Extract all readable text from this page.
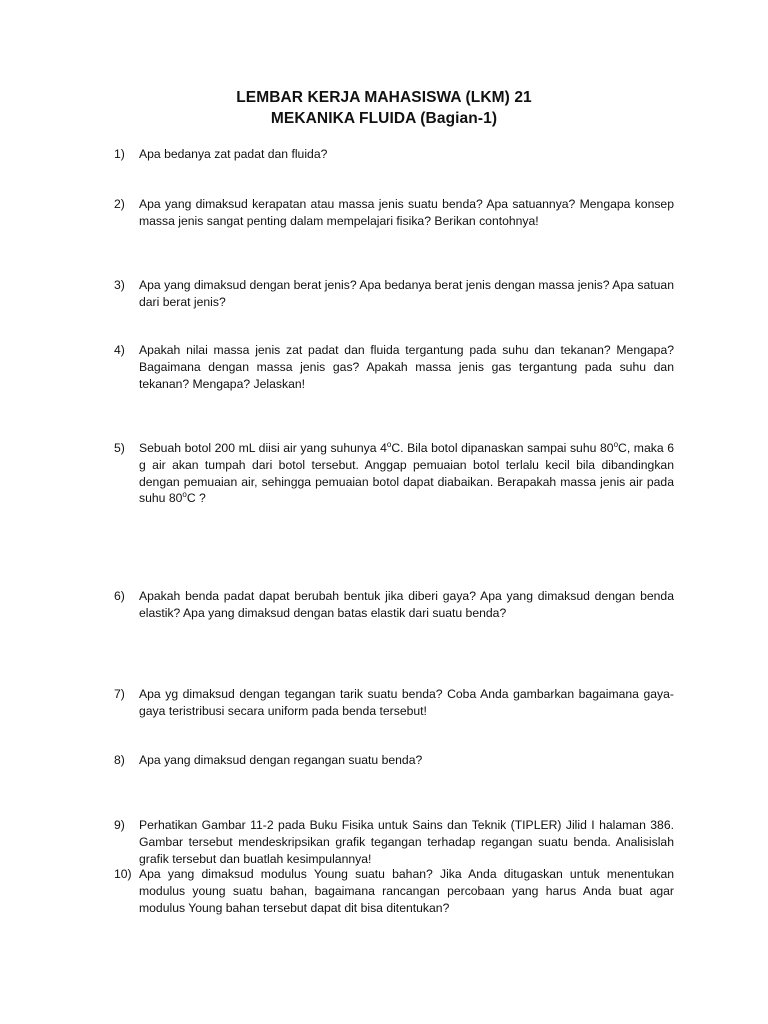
LEMBAR KERJA MAHASISWA (LKM) 21
MEKANIKA FLUIDA (Bagian-1)
1)	Apa bedanya zat padat dan fluida?
2)	Apa yang dimaksud kerapatan atau massa jenis suatu benda? Apa satuannya? Mengapa konsep massa jenis sangat penting dalam mempelajari fisika? Berikan contohnya!
3)	Apa yang dimaksud dengan berat jenis? Apa bedanya berat jenis dengan massa jenis? Apa satuan dari berat jenis?
4)	Apakah nilai massa jenis zat padat dan fluida tergantung pada suhu dan tekanan? Mengapa? Bagaimana dengan massa jenis gas? Apakah massa jenis gas tergantung pada suhu dan tekanan? Mengapa? Jelaskan!
5)	Sebuah botol 200 mL diisi air yang suhunya 4$^o$C. Bila botol dipanaskan sampai suhu 80$^o$C, maka 6 g air akan tumpah dari botol tersebut. Anggap pemuaian botol terlalu kecil bila dibandingkan dengan pemuaian air, sehingga pemuaian botol dapat diabaikan. Berapakah massa jenis air pada suhu 80$^o$C ?
6)	Apakah benda padat dapat berubah bentuk jika diberi gaya? Apa yang dimaksud dengan benda elastik? Apa yang dimaksud dengan batas elastik dari suatu benda?
7)	Apa yg dimaksud dengan tegangan tarik suatu benda? Coba Anda gambarkan bagaimana gaya-gaya teristribusi secara uniform pada benda tersebut!
8)	Apa yang dimaksud dengan regangan suatu benda?
9)	Perhatikan Gambar 11-2 pada Buku Fisika untuk Sains dan Teknik (TIPLER) Jilid I halaman 386. Gambar tersebut mendeskripsikan grafik tegangan terhadap regangan suatu benda. Analisislah grafik tersebut dan buatlah kesimpulannya!
10) Apa yang dimaksud modulus Young suatu bahan? Jika Anda ditugaskan untuk menentukan modulus young suatu bahan, bagaimana rancangan percobaan yang harus Anda buat agar modulus Young bahan tersebut dapat dit bisa ditentukan?
